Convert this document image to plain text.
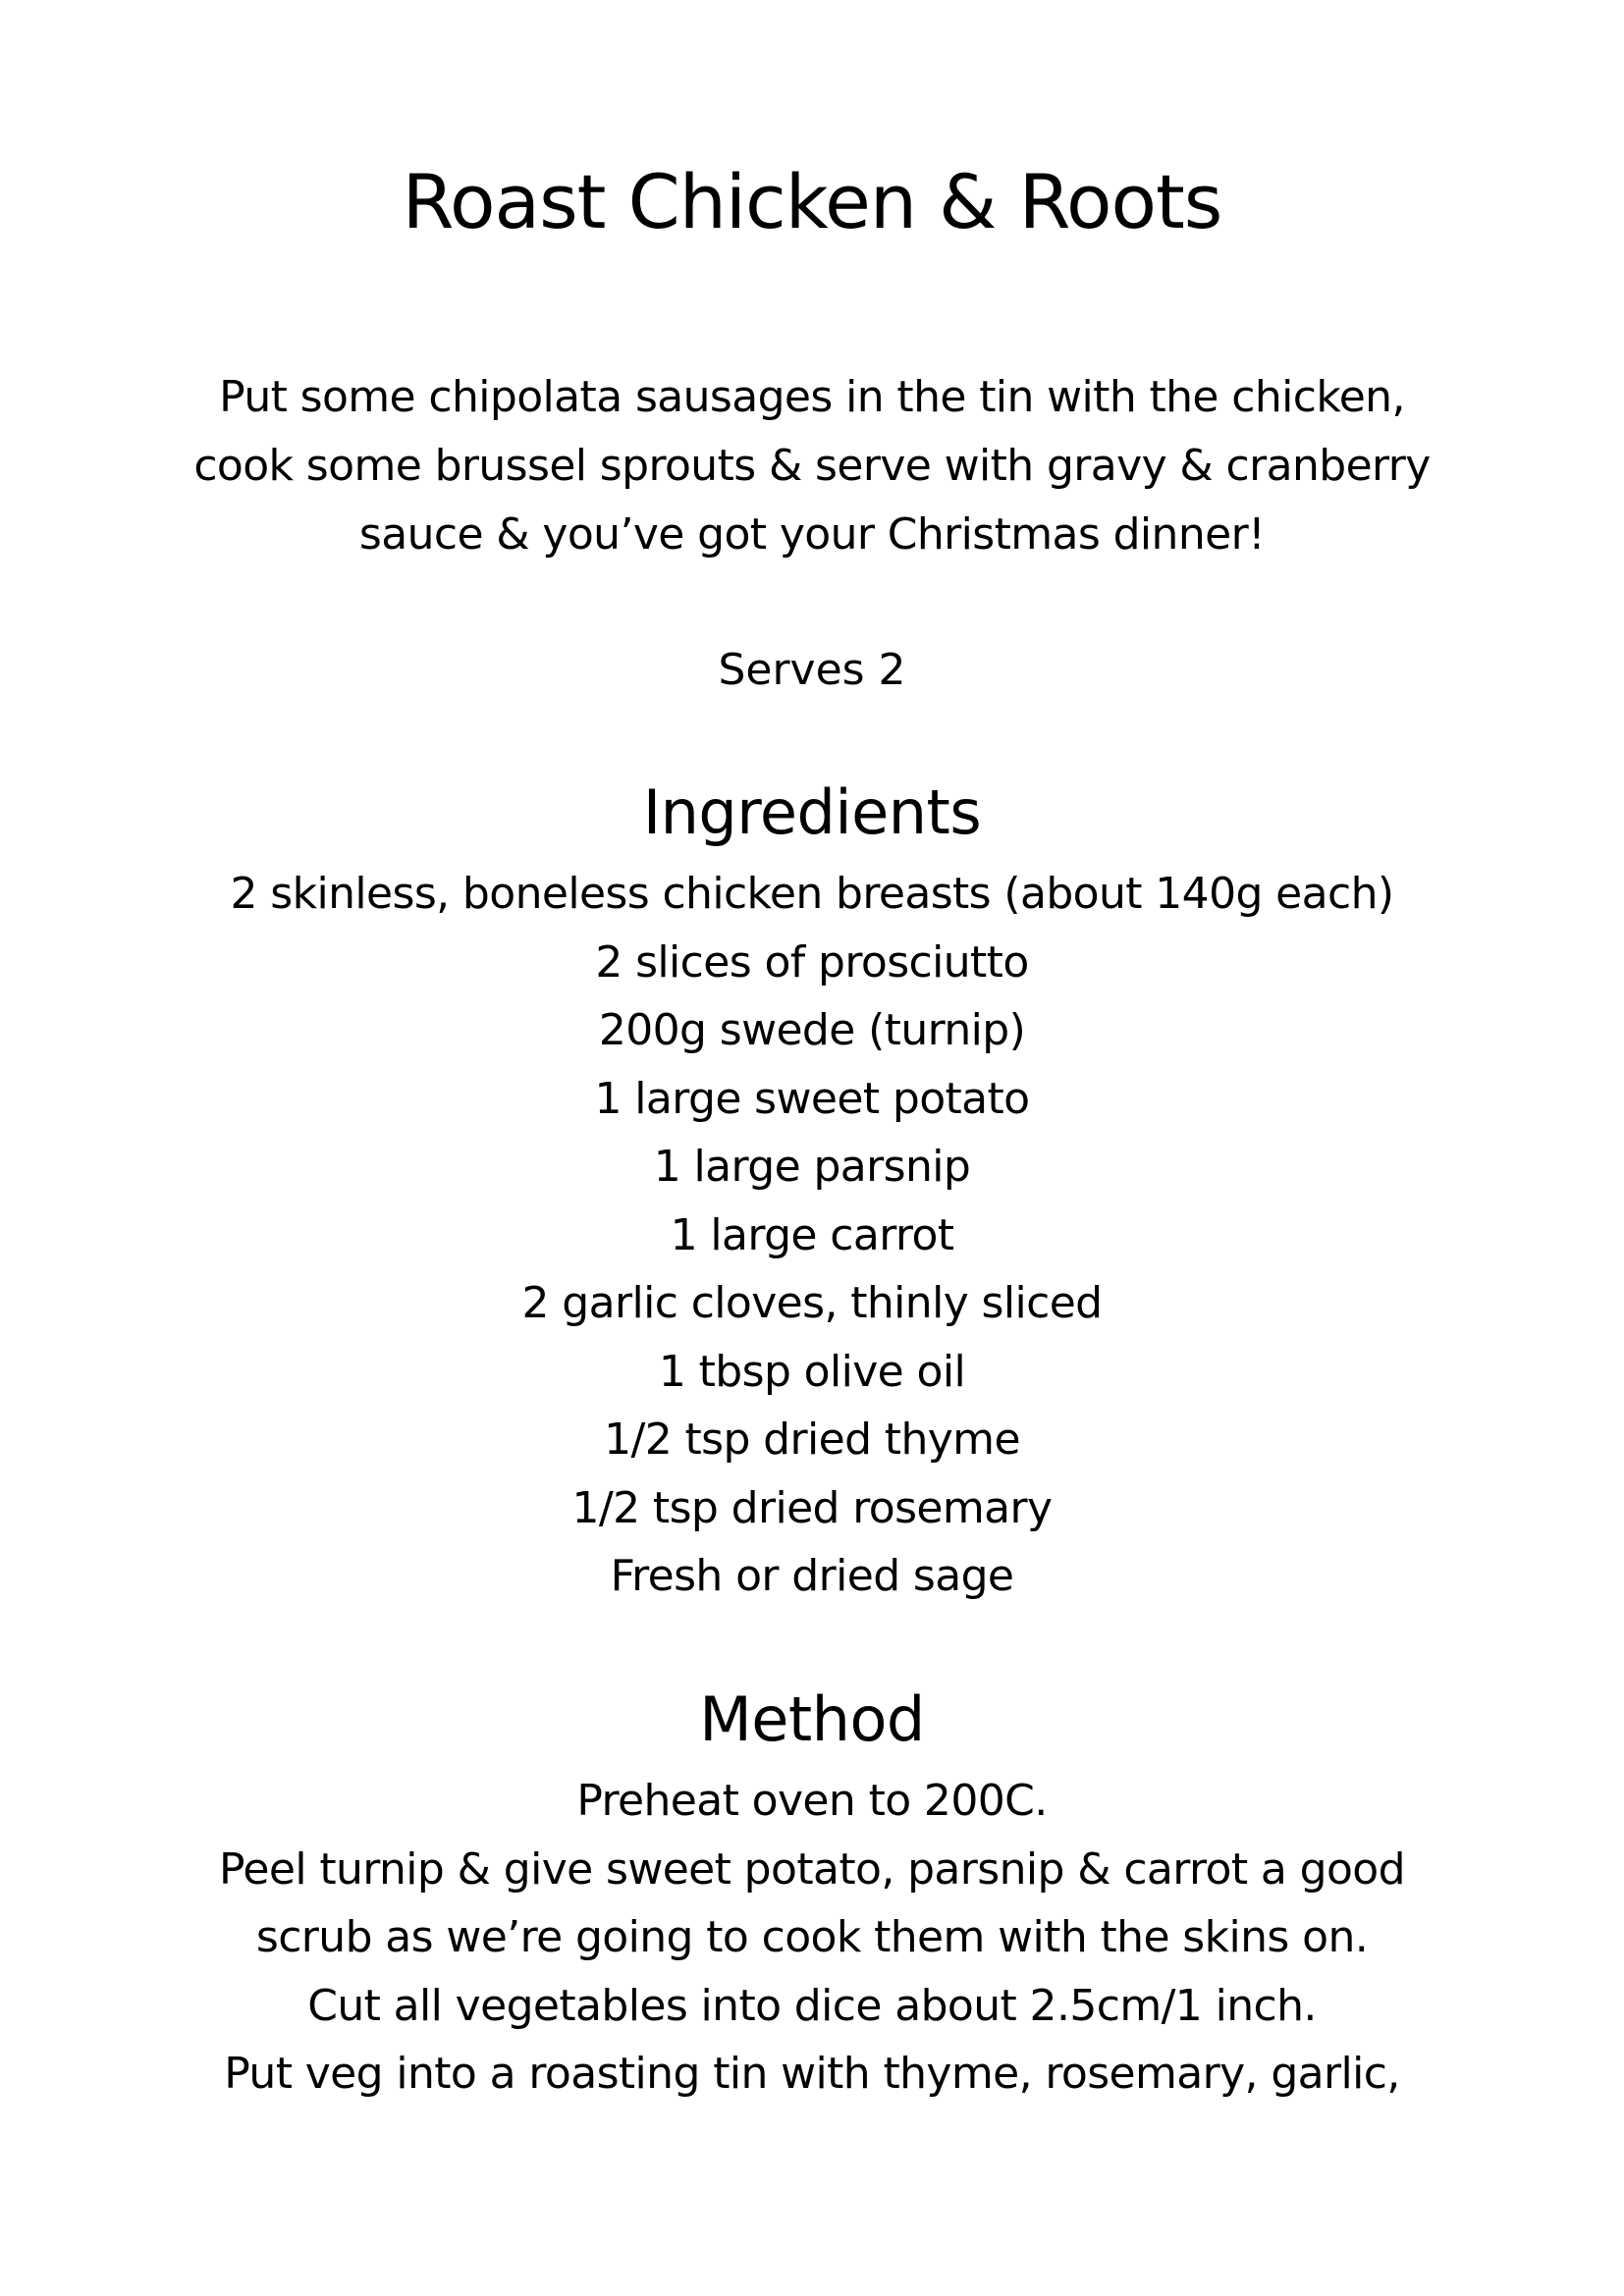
Roast Chicken & Roots

Put some chipolata sausages in the tin with the chicken,
cook some brussel sprouts & serve with gravy & cranberry
sauce & you’ve got your Christmas dinner!

Serves 2

Ingredients
2 skinless, boneless chicken breasts (about 140g each)
2 slices of prosciutto
200g swede (turnip)
1 large sweet potato
1 large parsnip
1 large carrot
2 garlic cloves, thinly sliced
1 tbsp olive oil
1/2 tsp dried thyme
1/2 tsp dried rosemary
Fresh or dried sage
Method
Preheat oven to 200C.
Peel turnip & give sweet potato, parsnip & carrot a good
scrub as we’re going to cook them with the skins on.
Cut all vegetables into dice about 2.5cm/1 inch.
Put veg into a roasting tin with thyme, rosemary, garlic,
